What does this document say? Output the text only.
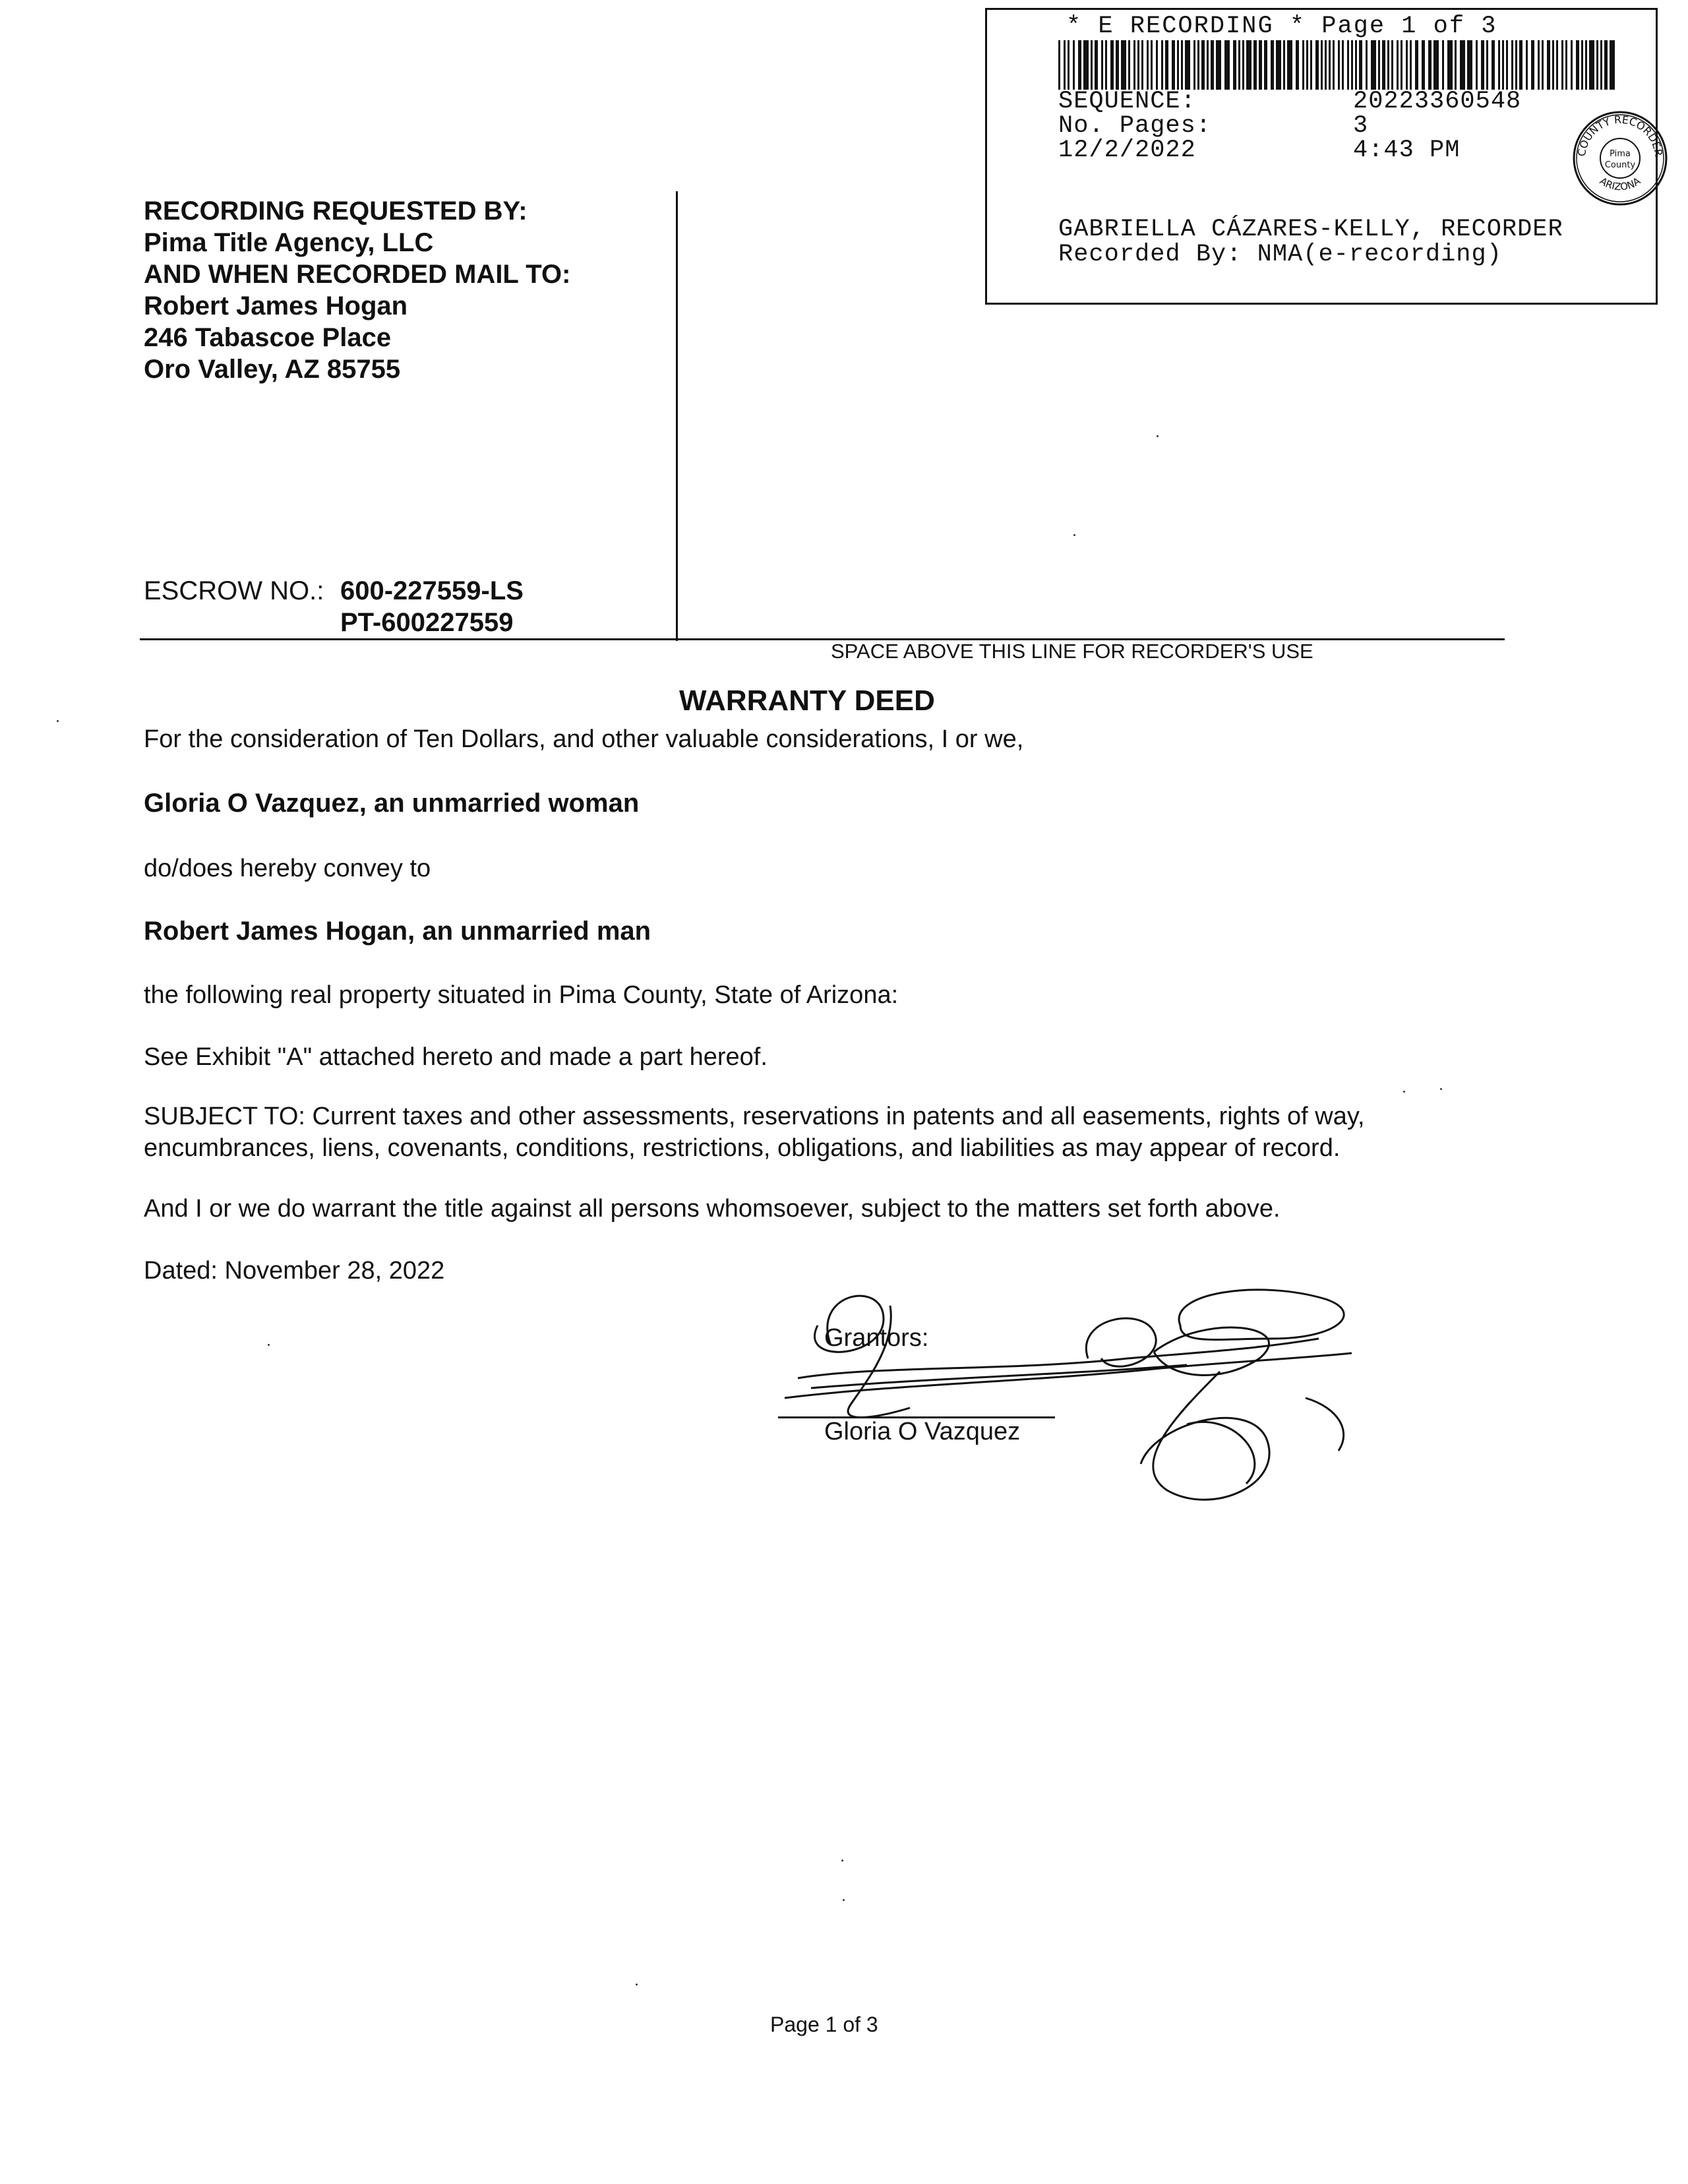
* E RECORDING * Page 1 of 3
SEQUENCE:	20223360548
No. Pages:	3
12/2/2022	4:43 PM	COUNTY RECORDER
ARIZONA
Pima
County
GABRIELLA CÁZARES-KELLY, RECORDER
Recorded By: NMA(e-recording)
RECORDING REQUESTED BY:
Pima Title Agency, LLC
AND WHEN RECORDED MAIL TO:
Robert James Hogan
246 Tabascoe Place
Oro Valley, AZ 85755
ESCROW NO.: 600-227559-LS
PT-600227559
SPACE ABOVE THIS LINE FOR RECORDER'S USE
WARRANTY DEED
For the consideration of Ten Dollars, and other valuable considerations, I or we,
Gloria O Vazquez, an unmarried woman
do/does hereby convey to
Robert James Hogan, an unmarried man
the following real property situated in Pima County, State of Arizona:
See Exhibit "A" attached hereto and made a part hereof.
SUBJECT TO: Current taxes and other assessments, reservations in patents and all easements, rights of way,
encumbrances, liens, covenants, conditions, restrictions, obligations, and liabilities as may appear of record.
And I or we do warrant the title against all persons whomsoever, subject to the matters set forth above.
Dated: November 28, 2022
Grantors:
Gloria O Vazquez
Page 1 of 3
